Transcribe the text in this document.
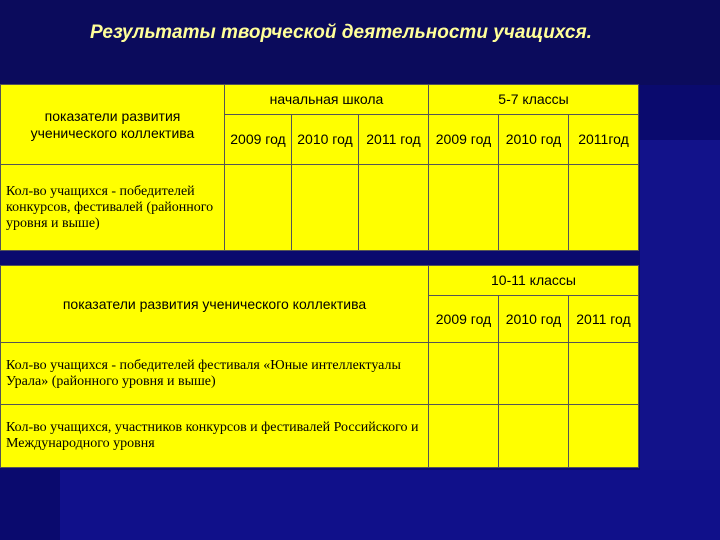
Результаты творческой деятельности учащихся.
показатели развития ученического коллектива	начальная школа			5-7 классы		
	2009 год	2010 год	2011 год	2009 год	2010 год	2011год
Кол-во учащихся - победителей конкурсов, фестивалей (районного уровня и выше)						
показатели развития ученического коллектива	10-11 классы		
	2009 год	2010 год	2011 год
Кол-во учащихся - победителей фестиваля «Юные интеллектуалы Урала» (районного уровня и выше)			
Кол-во учащихся, участников конкурсов и фестивалей Российского и Международного уровня			
